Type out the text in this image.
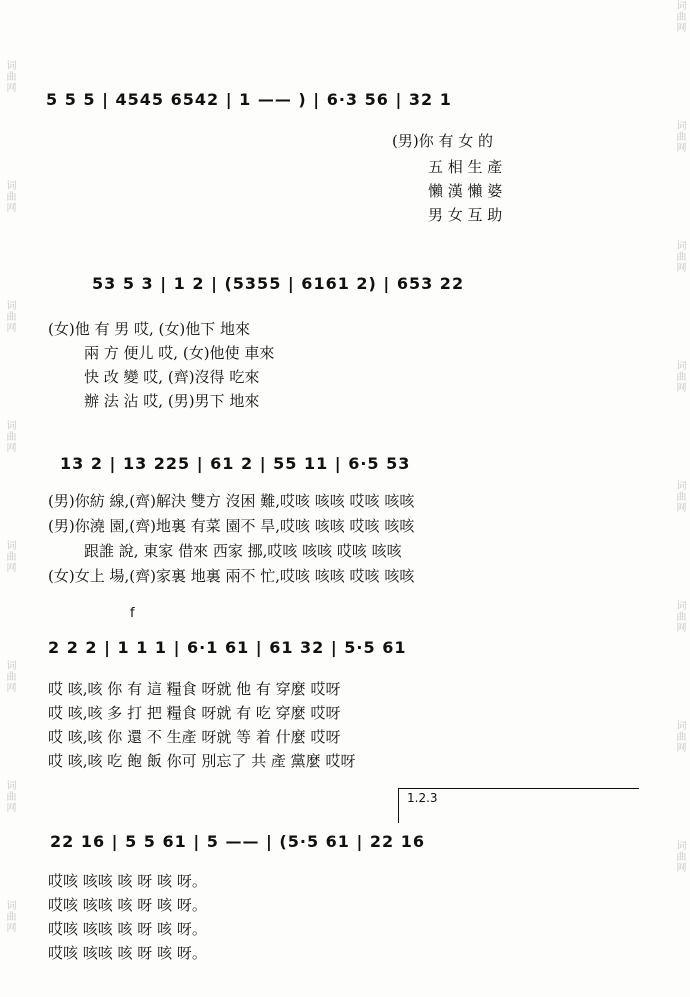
词曲网
词曲网
词曲网
词曲网
词曲网
词曲网
词曲网
词曲网
词曲网
词曲网
词曲网
词曲网
词曲网
词曲网
词曲网
词曲网
5 5 5 | 4545 6542 | 1 —— ) | 6·3 56 | 32 1
(男)你 有 女 的
五 相 生 產
懶 漢 懶 婆
男 女 互 助
53 5 3 | 1 2 | (5355 | 6161 2) | 653 22
(女)他 有 男 哎, (女)他下 地來
兩 方 便儿 哎, (女)他使 車來
快 改 變 哎, (齊)沒得 吃來
辦 法 沾 哎, (男)男下 地來
13 2 | 13 225 | 61 2 | 55 11 | 6·5 53
(男)你紡 線,(齊)解決 雙方 沒困 難,哎咳 咳咳 哎咳 咳咳
(男)你澆 園,(齊)地裏 有菜 園不 旱,哎咳 咳咳 哎咳 咳咳
跟誰 說, 東家 借來 西家 挪,哎咳 咳咳 哎咳 咳咳
(女)女上 場,(齊)家裏 地裏 兩不 忙,哎咳 咳咳 哎咳 咳咳
f
2 2 2 | 1 1 1 | 6·1 61 | 61 32 | 5·5 61
哎 咳,咳 你 有 這 糧食 呀就 他 有 穿麼 哎呀
哎 咳,咳 多 打 把 糧食 呀就 有 吃 穿麼 哎呀
哎 咳,咳 你 還 不 生產 呀就 等 着 什麼 哎呀
哎 咳,咳 吃 飽 飯 你可 別忘了 共 產 黨麼 哎呀
1.2.3
22 16 | 5 5 61 | 5 —— | (5·5 61 | 22 16
哎咳 咳咳 咳 呀 咳 呀。
哎咳 咳咳 咳 呀 咳 呀。
哎咳 咳咳 咳 呀 咳 呀。
哎咳 咳咳 咳 呀 咳 呀。
